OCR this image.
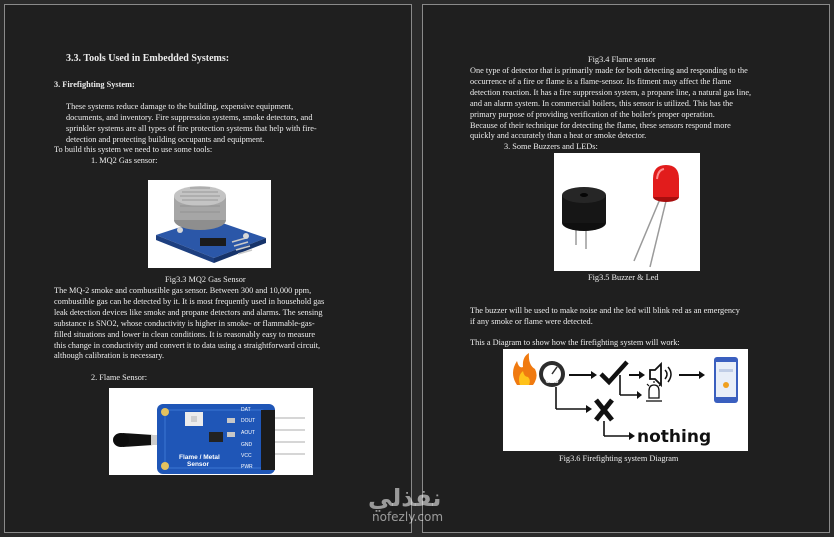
3.3. Tools Used in Embedded Systems:
3. Firefighting System:
These systems reduce damage to the building, expensive equipment,
documents, and inventory. Fire suppression systems, smoke detectors, and
sprinkler systems are all types of fire protection systems that help with fire-
detection and protecting building occupants and equipment.
To build this system we need to use some tools:
1. MQ2 Gas sensor:
Fig3.3 MQ2 Gas Sensor
The MQ-2 smoke and combustible gas sensor. Between 300 and 10,000 ppm,
combustible gas can be detected by it. It is most frequently used in household gas
leak detection devices like smoke and propane detectors and alarms. The sensing
substance is SNO2, whose conductivity is higher in smoke- or flammable-gas-
filled situations and lower in clean conditions. It is reasonably easy to measure
this change in conductivity and convert it to data using a straightforward circuit,
although calibration is necessary.
2. Flame Sensor:
Flame / Metal
Sensor
DAT
DOUT
AOUT
GND
VCC
PWR
Fig3.4 Flame sensor
One type of detector that is primarily made for both detecting and responding to the
occurrence of a fire or flame is a flame-sensor. Its fitment may affect the flame
detection reaction. It has a fire suppression system, a propane line, a natural gas line,
and an alarm system. In commercial boilers, this sensor is utilized. This has the
primary purpose of providing verification of the boiler's proper operation.
Because of their technique for detecting the flame, these sensors respond more
quickly and accurately than a heat or smoke detector.
3. Some Buzzers and LEDs:
Fig3.5 Buzzer & Led
The buzzer will be used to make noise and the led will blink red as an emergency
if any smoke or flame were detected.
This a Diagram to show how the firefighting system will work:
GAS
nothing
Fig3.6 Firefighting system Diagram
نفذلي
nofezly.com
